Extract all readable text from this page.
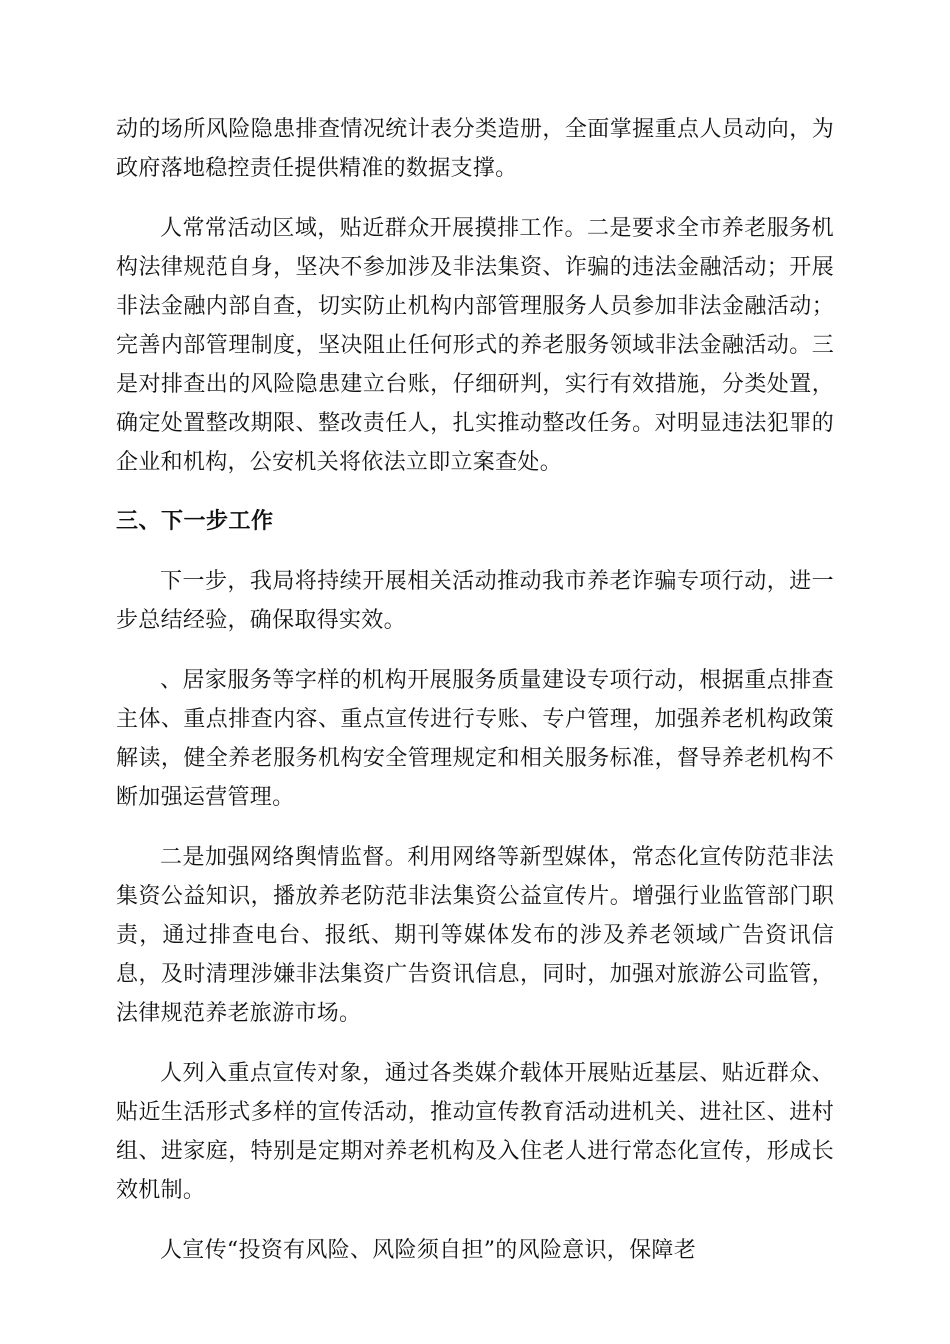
动的场所风险隐患排查情况统计表分类造册，全面掌握重点人员动向，为政府落地稳控责任提供精准的数据支撑。

人常常活动区域，贴近群众开展摸排工作。二是要求全市养老服务机构法律规范自身，坚决不参加涉及非法集资、诈骗的违法金融活动；开展非法金融内部自查，切实防止机构内部管理服务人员参加非法金融活动；完善内部管理制度，坚决阻止任何形式的养老服务领域非法金融活动。三是对排查出的风险隐患建立台账，仔细研判，实行有效措施，分类处置，确定处置整改期限、整改责任人，扎实推动整改任务。对明显违法犯罪的企业和机构，公安机关将依法立即立案查处。

三、下一步工作

下一步，我局将持续开展相关活动推动我市养老诈骗专项行动，进一步总结经验，确保取得实效。

、居家服务等字样的机构开展服务质量建设专项行动，根据重点排查主体、重点排查内容、重点宣传进行专账、专户管理，加强养老机构政策解读，健全养老服务机构安全管理规定和相关服务标准，督导养老机构不断加强运营管理。

二是加强网络舆情监督。利用网络等新型媒体，常态化宣传防范非法集资公益知识，播放养老防范非法集资公益宣传片。增强行业监管部门职责，通过排查电台、报纸、期刊等媒体发布的涉及养老领域广告资讯信息，及时清理涉嫌非法集资广告资讯信息，同时，加强对旅游公司监管，法律规范养老旅游市场。

人列入重点宣传对象，通过各类媒介载体开展贴近基层、贴近群众、贴近生活形式多样的宣传活动，推动宣传教育活动进机关、进社区、进村组、进家庭，特别是定期对养老机构及入住老人进行常态化宣传，形成长效机制。

人宣传“投资有风险、风险须自担”的风险意识，保障老
